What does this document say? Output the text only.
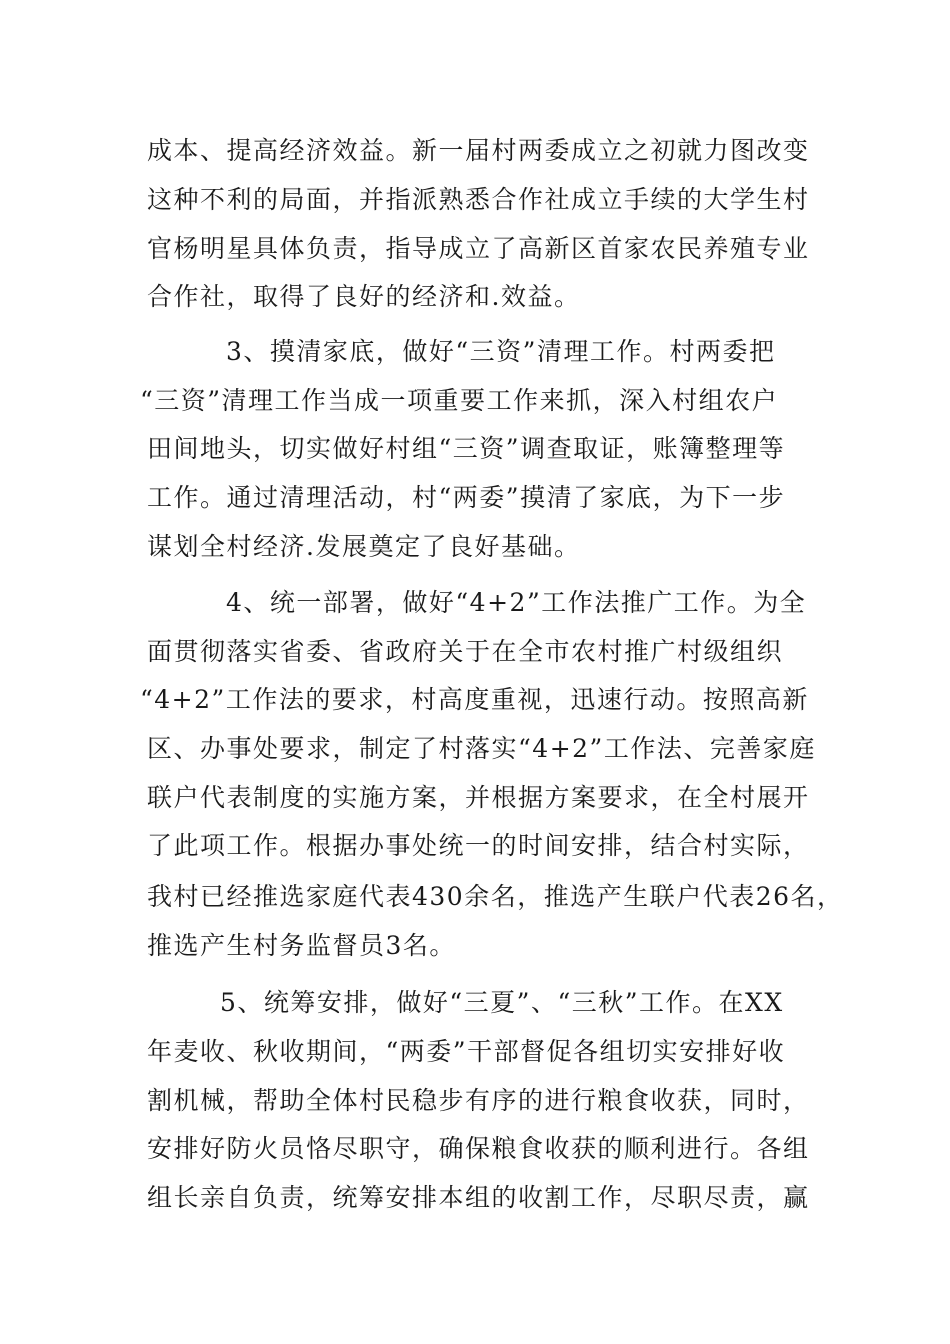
成本、提高经济效益。新一届村两委成立之初就力图改变
这种不利的局面，并指派熟悉合作社成立手续的大学生村
官杨明星具体负责，指导成立了高新区首家农民养殖专业
合作社，取得了良好的经济和.效益。
3、摸清家底，做好“三资”清理工作。村两委把
“三资”清理工作当成一项重要工作来抓，深入村组农户
田间地头，切实做好村组“三资”调查取证，账簿整理等
工作。通过清理活动，村“两委”摸清了家底，为下一步
谋划全村经济.发展奠定了良好基础。
4、统一部署，做好“4+2”工作法推广工作。为全
面贯彻落实省委、省政府关于在全市农村推广村级组织
“4+2”工作法的要求，村高度重视，迅速行动。按照高新
区、办事处要求，制定了村落实“4+2”工作法、完善家庭
联户代表制度的实施方案，并根据方案要求，在全村展开
了此项工作。根据办事处统一的时间安排，结合村实际，
我村已经推选家庭代表430余名，推选产生联户代表26名，
推选产生村务监督员3名。
5、统筹安排，做好“三夏”、“三秋”工作。在XX
年麦收、秋收期间，“两委”干部督促各组切实安排好收
割机械，帮助全体村民稳步有序的进行粮食收获，同时，
安排好防火员恪尽职守，确保粮食收获的顺利进行。各组
组长亲自负责，统筹安排本组的收割工作，尽职尽责，赢
